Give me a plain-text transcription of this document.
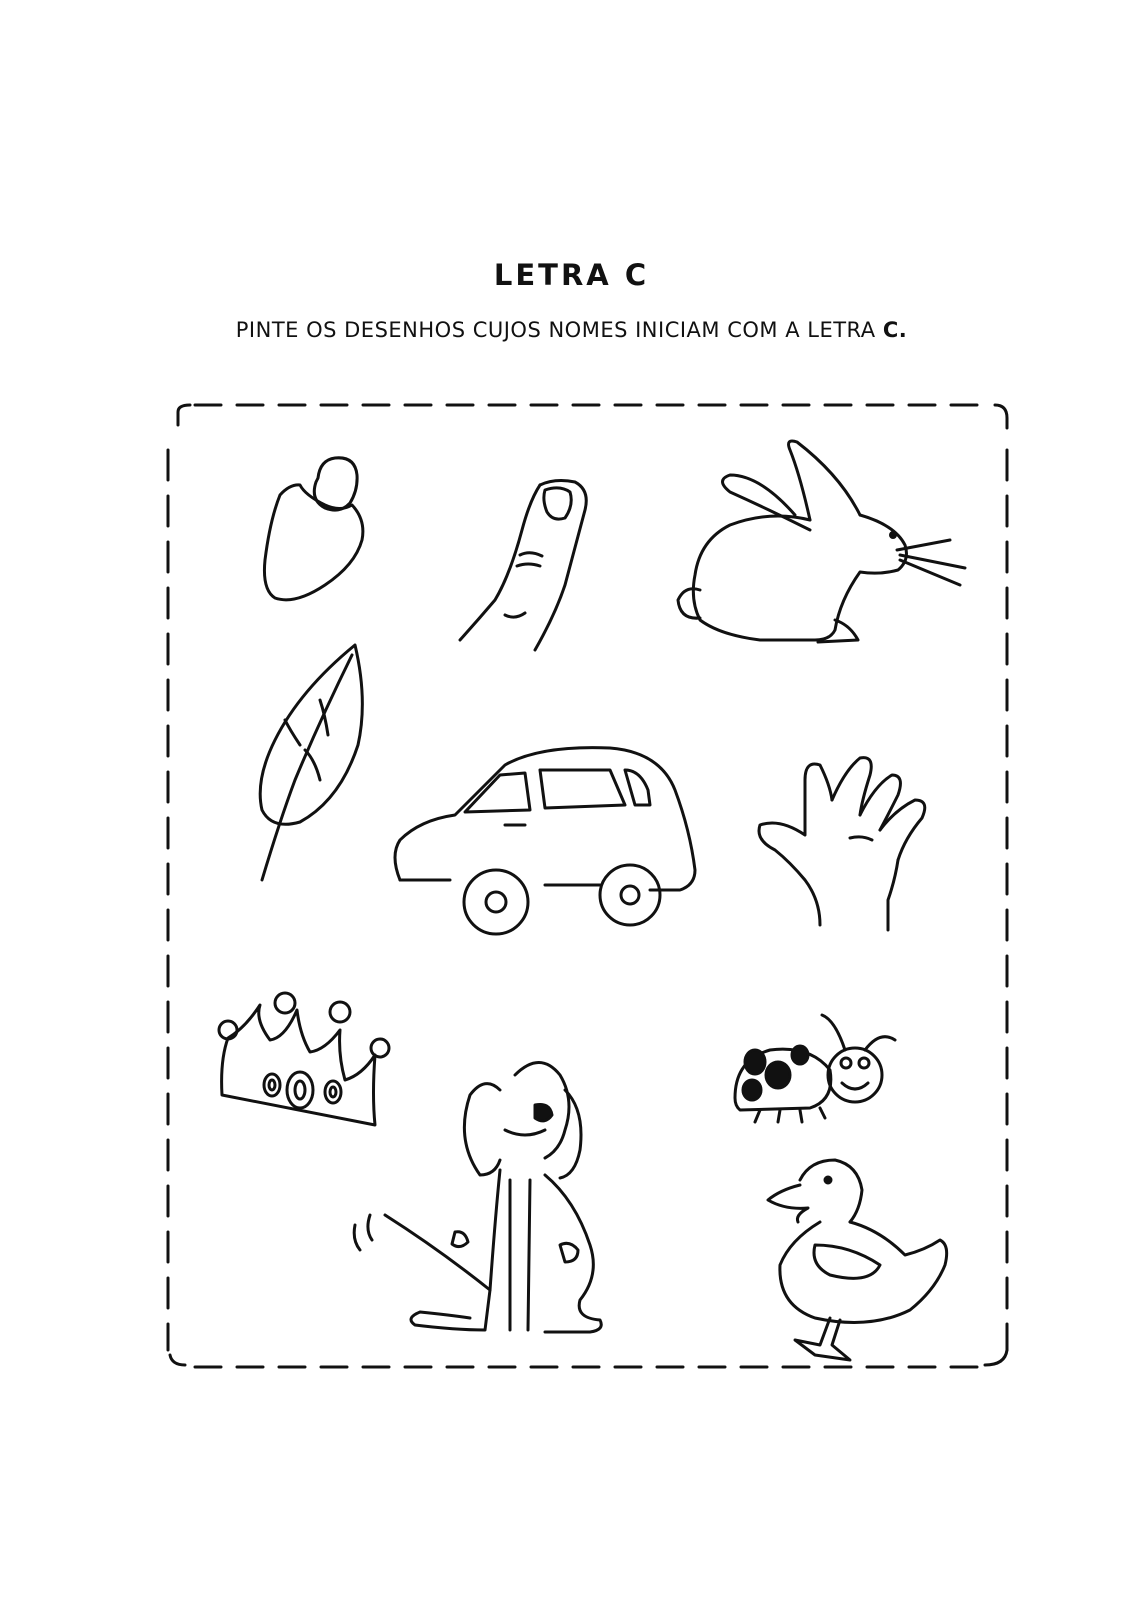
LETRA C
PINTE OS DESENHOS CUJOS NOMES INICIAM COM A LETRA C.
